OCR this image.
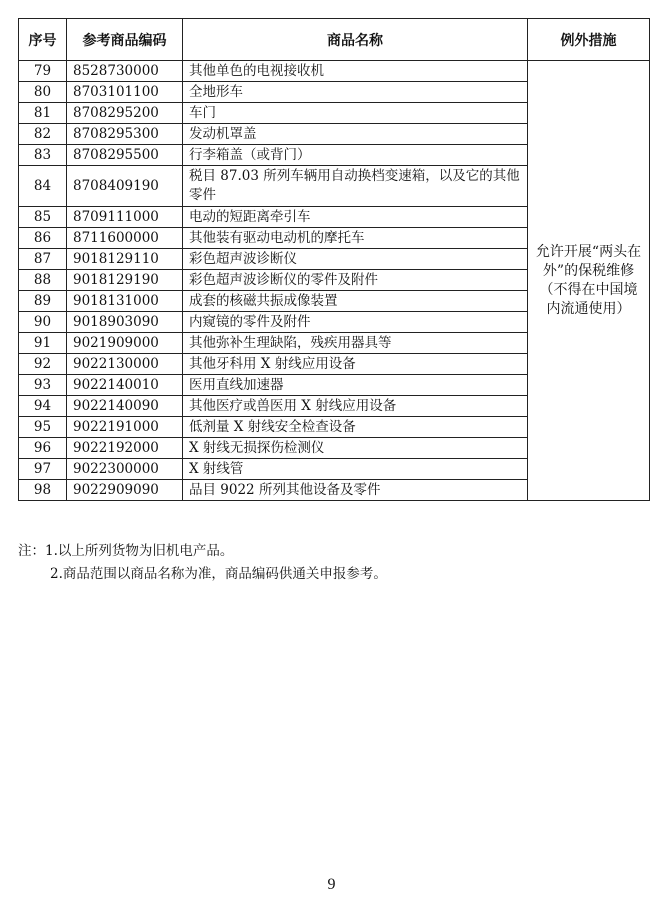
序号	参考商品编码	商品名称	例外措施
79	8528730000	其他单色的电视接收机	允许开展“两头在外”的保税维修（不得在中国境内流通使用）
80	8703101100	全地形车	
81	8708295200	车门	
82	8708295300	发动机罩盖	
83	8708295500	行李箱盖（或背门）	
84	8708409190	税目 87.03 所列车辆用自动换档变速箱，以及它的其他零件	
85	8709111000	电动的短距离牵引车	
86	8711600000	其他装有驱动电动机的摩托车	
87	9018129110	彩色超声波诊断仪	
88	9018129190	彩色超声波诊断仪的零件及附件	
89	9018131000	成套的核磁共振成像装置	
90	9018903090	内窥镜的零件及附件	
91	9021909000	其他弥补生理缺陷，残疾用器具等	
92	9022130000	其他牙科用 X 射线应用设备	
93	9022140010	医用直线加速器	
94	9022140090	其他医疗或兽医用 X 射线应用设备	
95	9022191000	低剂量 X 射线安全检查设备	
96	9022192000	X 射线无损探伤检测仪	
97	9022300000	X 射线管	
98	9022909090	品目 9022 所列其他设备及零件	
注：1.以上所列货物为旧机电产品。
2.商品范围以商品名称为准，商品编码供通关申报参考。
9
